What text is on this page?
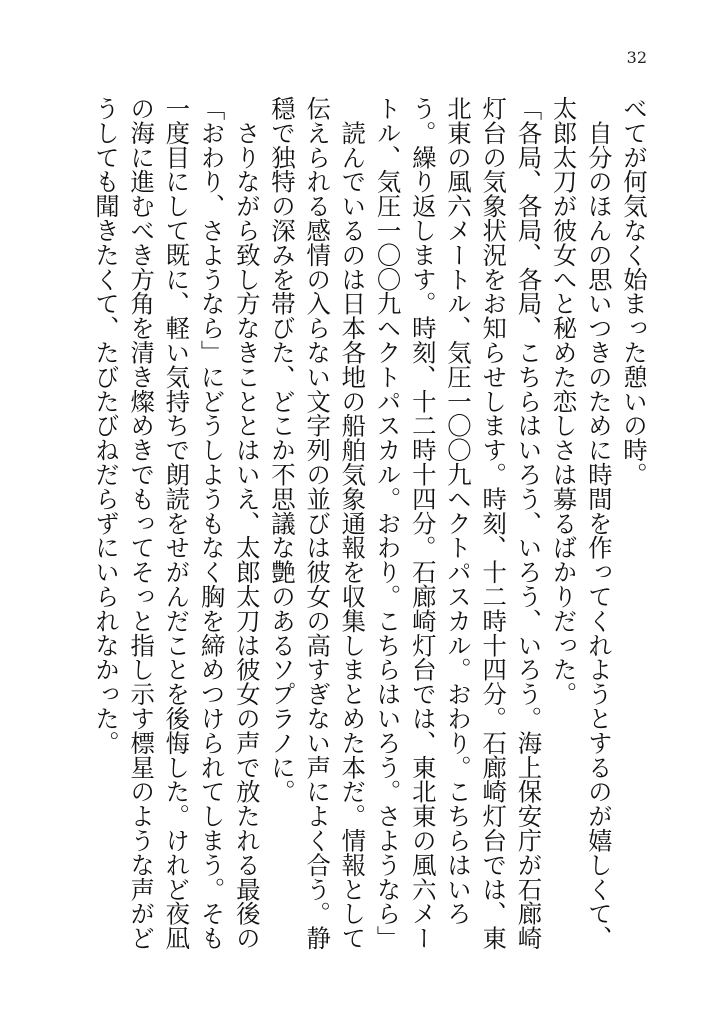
32

べてが何気なく始まった憩いの時。

　自分のほんの思いつきのために時間を作ってくれようとするのが嬉しくて、太郎太刀が彼女へと秘めた恋しさは募るばかりだった。

「各局、各局、各局、こちらはいろう、いろう、いろう。海上保安庁が石廊崎灯台の気象状況をお知らせします。時刻、十二時十四分。石廊崎灯台では、東北東の風六メートル、気圧一〇〇九ヘクトパスカル。おわり。こちらはいろう。繰り返します。時刻、十二時十四分。石廊崎灯台では、東北東の風六メートル、気圧一〇〇九ヘクトパスカル。おわり。こちらはいろう。さようなら」

　読んでいるのは日本各地の船舶気象通報を収集しまとめた本だ。情報として伝えられる感情の入らない文字列の並びは彼女の高すぎない声によく合う。静穏で独特の深みを帯びた、どこか不思議な艶のあるソプラノに。

　さりながら致し方なきこととはいえ、太郎太刀は彼女の声で放たれる最後の「おわり、さようなら」にどうしようもなく胸を締めつけられてしまう。そも一度目にして既に、軽い気持ちで朗読をせがんだことを後悔した。けれど夜凪の海に進むべき方角を清き燦めきでもってそっと指し示す標星のような声がどうしても聞きたくて、たびたびねだらずにいられなかった。
